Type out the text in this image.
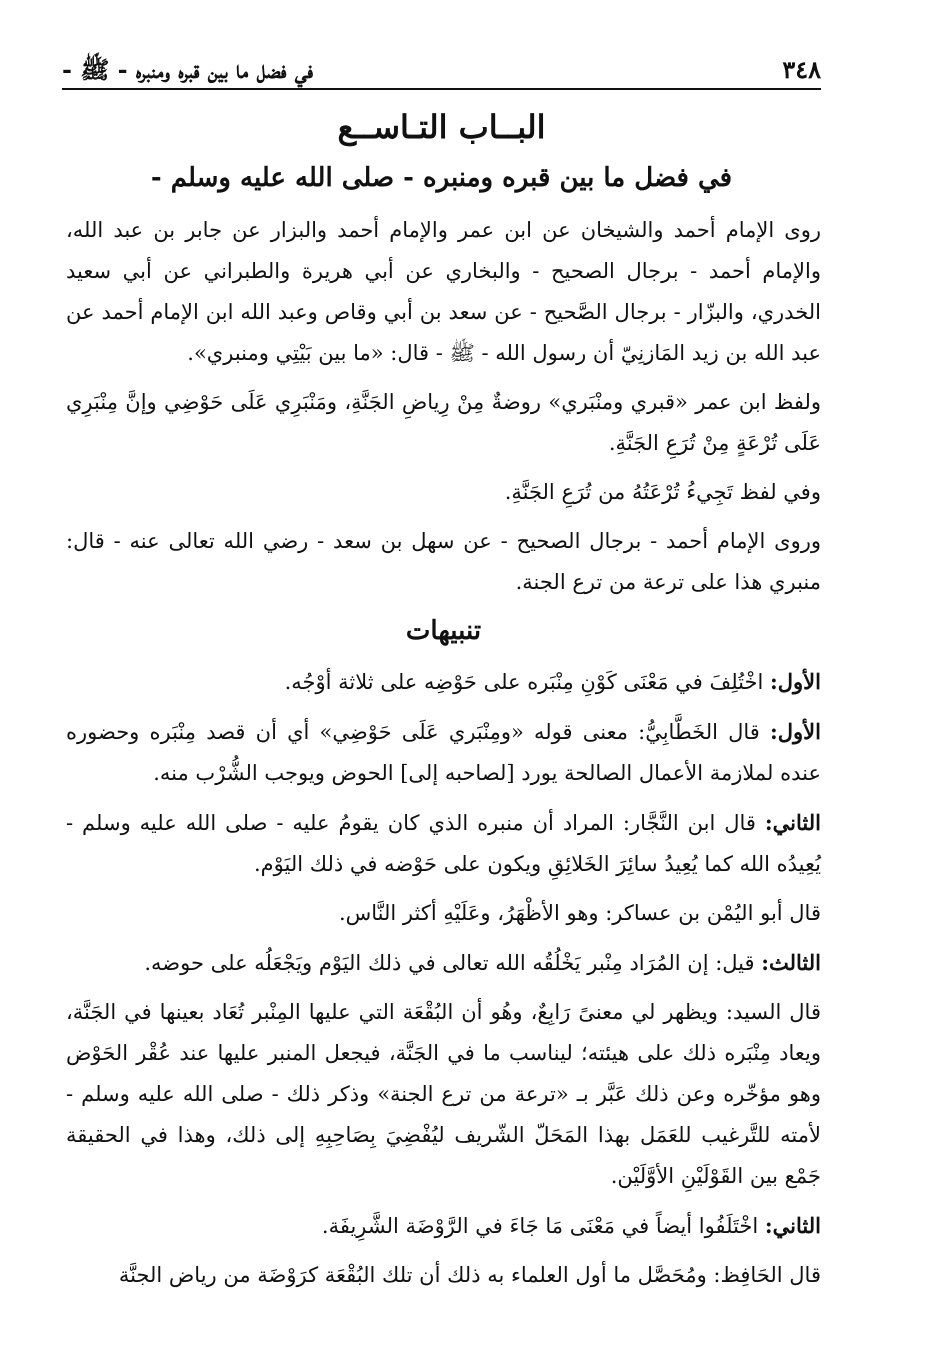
٣٤٨
في فضل ما بين قبره ومنبره - ﷺ -
البــاب التـاســع
في فضل ما بين قبره ومنبره - صلى الله عليه وسلم -

روى الإمام أحمد والشيخان عن ابن عمر والإمام أحمد والبزار عن جابر بن عبد الله، والإمام أحمد - برجال الصحيح - والبخاري عن أبي هريرة والطبراني عن أبي سعيد الخدري، والبزّار - برجال الصَّحيح - عن سعد بن أبي وقاص وعبد الله ابن الإمام أحمد عن عبد الله بن زيد المَازنِيّ أن رسول الله - ﷺ - قال: «ما بين بَيْتِي ومنبري».

ولفظ ابن عمر «قبري ومنْبَري» روضةٌ مِنْ رِياضِ الجَنَّةِ، ومَنْبَرِي عَلَى حَوْضِي وإنَّ مِنْبَرِي عَلَى تُرْعَةٍ مِنْ تُرَعِ الجَنَّةِ.

وفي لفظ تَجِيءُ تُرْعَتُهُ من تُرَعِ الجَنَّةِ.

وروى الإمام أحمد - برجال الصحيح - عن سهل بن سعد - رضي الله تعالى عنه - قال: منبري هذا على ترعة من ترع الجنة.

تنبيهات

الأول: اخْتُلِفَ في مَعْنَى كَوْنِ مِنْبَره على حَوْضِه على ثلاثة أوْجُه.

الأول: قال الخَطَّابِيُّ: معنى قوله «ومِنْبَري عَلَى حَوْضِي» أي أن قصد مِنْبَره وحضوره عنده لملازمة الأعمال الصالحة يورد [لصاحبه إلى] الحوض ويوجب الشُّرْب منه.

الثاني: قال ابن النَّجَّار: المراد أن منبره الذي كان يقومُ عليه - صلى الله عليه وسلم - يُعِيدُه الله كما يُعِيدُ سائِرَ الخَلائِقِ ويكون على حَوْضه في ذلك اليَوْم.

قال أبو اليُمْن بن عساكر: وهو الأظْهَرُ، وعَلَيْهِ أكثر النَّاس.

الثالث: قيل: إن المُرَاد مِنْبر يَخْلُقُه الله تعالى في ذلك اليَوْم ويَجْعَلُه على حوضه.

قال السيد: ويظهر لي معنىً رَابِعٌ، وهُو أن البُقْعَة التي عليها المِنْبر تُعَاد بعينها في الجَنَّة، ويعاد مِنْبَره ذلك على هيئته؛ ليناسب ما في الجَنَّة، فيجعل المنبر عليها عند عُقْر الحَوْض وهو مؤخّره وعن ذلك عَبَّر بـ «ترعة من ترع الجنة» وذكر ذلك - صلى الله عليه وسلم - لأمته للتَّرغيب للعَمَل بهذا المَحَلّ الشّريف ليُفْضِيَ بِصَاحِبِهِ إلى ذلك، وهذا في الحقيقة جَمْع بين القَوْلَيْنِ الأوَّلَيْن.

الثاني: اخْتَلَفُوا أيضاً في مَعْنَى مَا جَاءَ في الرَّوْضَة الشَّرِيفَة.

قال الحَافِظ: ومُحَصَّل ما أول العلماء به ذلك أن تلك البُقْعَة كرَوْضَة من رياض الجنَّة
